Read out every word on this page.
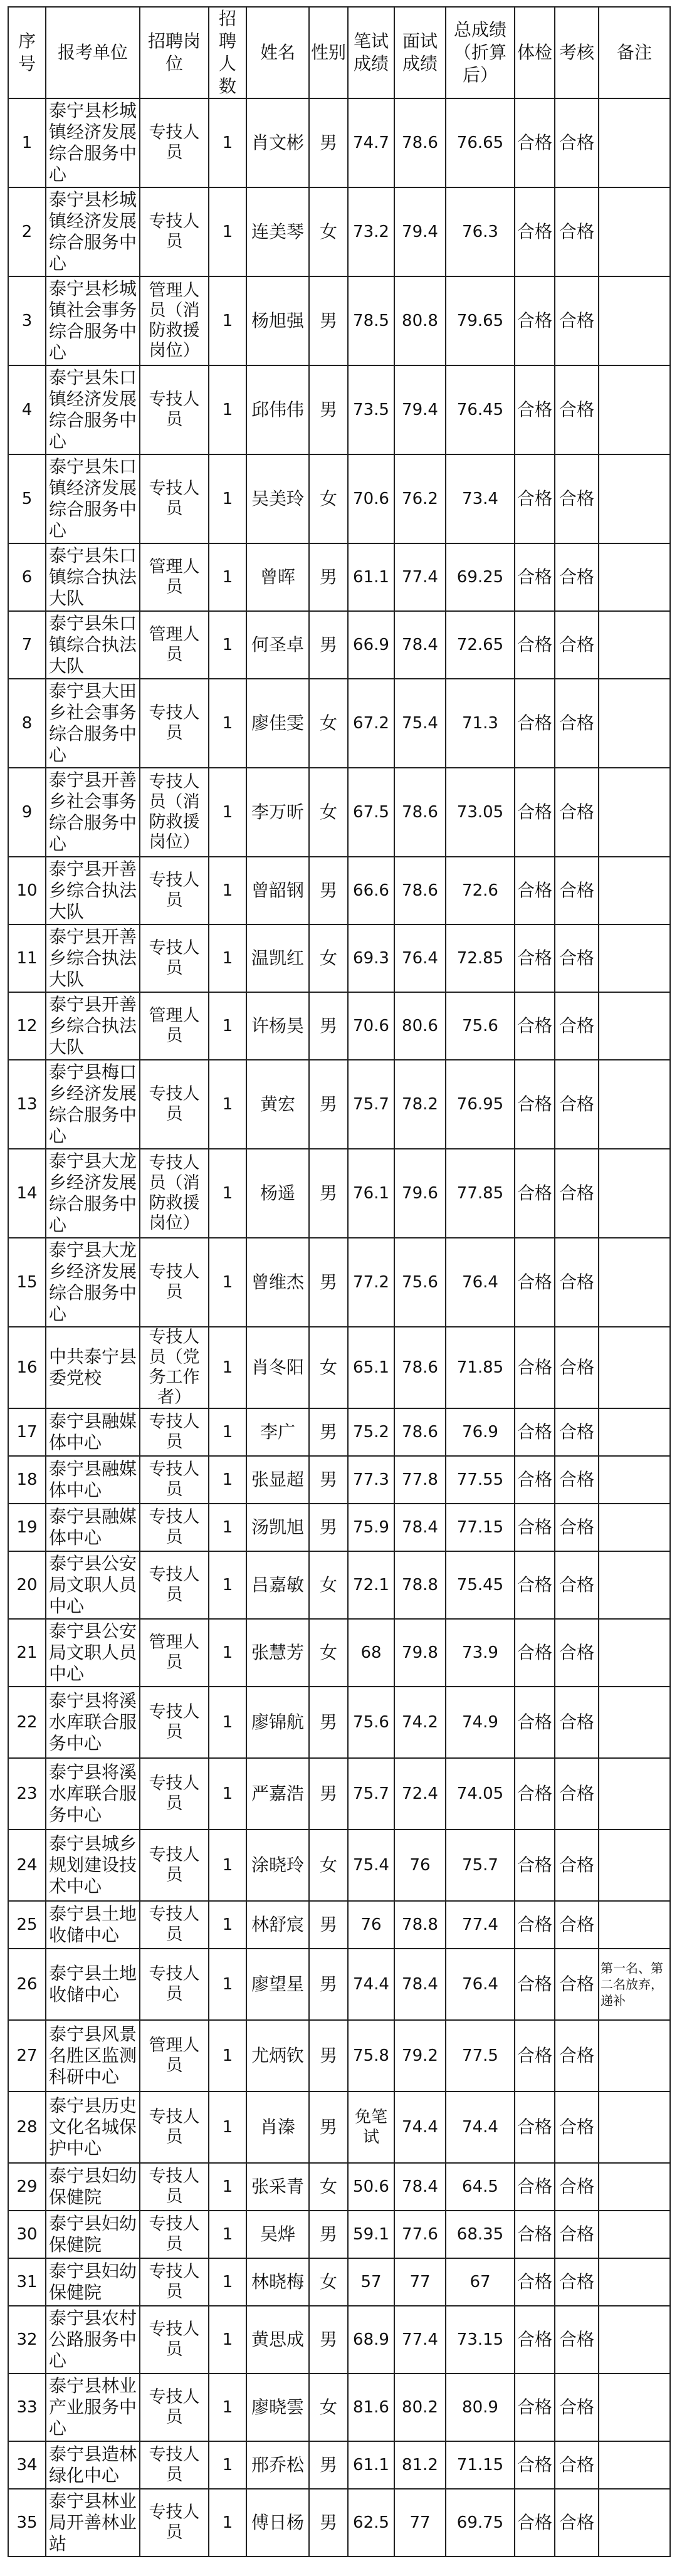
序号	报考单位	招聘岗位	招聘人数	姓名	性别	笔试成绩	面试成绩	总成绩（折算后）	体检	考核	备注
1	泰宁县杉城镇经济发展综合服务中心	专技人员	1	肖文彬	男	74.7	78.6	76.65	合格	合格	
2	泰宁县杉城镇经济发展综合服务中心	专技人员	1	连美琴	女	73.2	79.4	76.3	合格	合格	
3	泰宁县杉城镇社会事务综合服务中心	管理人员（消防救援岗位）	1	杨旭强	男	78.5	80.8	79.65	合格	合格	
4	泰宁县朱口镇经济发展综合服务中心	专技人员	1	邱伟伟	男	73.5	79.4	76.45	合格	合格	
5	泰宁县朱口镇经济发展综合服务中心	专技人员	1	吴美玲	女	70.6	76.2	73.4	合格	合格	
6	泰宁县朱口镇综合执法大队	管理人员	1	曾晖	男	61.1	77.4	69.25	合格	合格	
7	泰宁县朱口镇综合执法大队	管理人员	1	何圣卓	男	66.9	78.4	72.65	合格	合格	
8	泰宁县大田乡社会事务综合服务中心	专技人员	1	廖佳雯	女	67.2	75.4	71.3	合格	合格	
9	泰宁县开善乡社会事务综合服务中心	专技人员（消防救援岗位）	1	李万昕	女	67.5	78.6	73.05	合格	合格	
10	泰宁县开善乡综合执法大队	专技人员	1	曾韶钢	男	66.6	78.6	72.6	合格	合格	
11	泰宁县开善乡综合执法大队	专技人员	1	温凯红	女	69.3	76.4	72.85	合格	合格	
12	泰宁县开善乡综合执法大队	管理人员	1	许杨昊	男	70.6	80.6	75.6	合格	合格	
13	泰宁县梅口乡经济发展综合服务中心	专技人员	1	黄宏	男	75.7	78.2	76.95	合格	合格	
14	泰宁县大龙乡经济发展综合服务中心	专技人员（消防救援岗位）	1	杨遥	男	76.1	79.6	77.85	合格	合格	
15	泰宁县大龙乡经济发展综合服务中心	专技人员	1	曾维杰	男	77.2	75.6	76.4	合格	合格	
16	中共泰宁县委党校	专技人员（党务工作者）	1	肖冬阳	女	65.1	78.6	71.85	合格	合格	
17	泰宁县融媒体中心	专技人员	1	李广	男	75.2	78.6	76.9	合格	合格	
18	泰宁县融媒体中心	专技人员	1	张显超	男	77.3	77.8	77.55	合格	合格	
19	泰宁县融媒体中心	专技人员	1	汤凯旭	男	75.9	78.4	77.15	合格	合格	
20	泰宁县公安局文职人员中心	专技人员	1	吕嘉敏	女	72.1	78.8	75.45	合格	合格	
21	泰宁县公安局文职人员中心	管理人员	1	张慧芳	女	68	79.8	73.9	合格	合格	
22	泰宁县将溪水库联合服务中心	专技人员	1	廖锦航	男	75.6	74.2	74.9	合格	合格	
23	泰宁县将溪水库联合服务中心	专技人员	1	严嘉浩	男	75.7	72.4	74.05	合格	合格	
24	泰宁县城乡规划建设技术中心	专技人员	1	涂晓玲	女	75.4	76	75.7	合格	合格	
25	泰宁县土地收储中心	专技人员	1	林舒宸	男	76	78.8	77.4	合格	合格	
26	泰宁县土地收储中心	专技人员	1	廖望星	男	74.4	78.4	76.4	合格	合格	第一名、第二名放弃，递补
27	泰宁县风景名胜区监测科研中心	管理人员	1	尤炳钦	男	75.8	79.2	77.5	合格	合格	
28	泰宁县历史文化名城保护中心	专技人员	1	肖溱	男	免笔试	74.4	74.4	合格	合格	
29	泰宁县妇幼保健院	专技人员	1	张采青	女	50.6	78.4	64.5	合格	合格	
30	泰宁县妇幼保健院	专技人员	1	吴烨	男	59.1	77.6	68.35	合格	合格	
31	泰宁县妇幼保健院	专技人员	1	林晓梅	女	57	77	67	合格	合格	
32	泰宁县农村公路服务中心	专技人员	1	黄思成	男	68.9	77.4	73.15	合格	合格	
33	泰宁县林业产业服务中心	专技人员	1	廖晓雲	女	81.6	80.2	80.9	合格	合格	
34	泰宁县造林绿化中心	专技人员	1	邢乔松	男	61.1	81.2	71.15	合格	合格	
35	泰宁县林业局开善林业站	专技人员	1	傅日杨	男	62.5	77	69.75	合格	合格	
